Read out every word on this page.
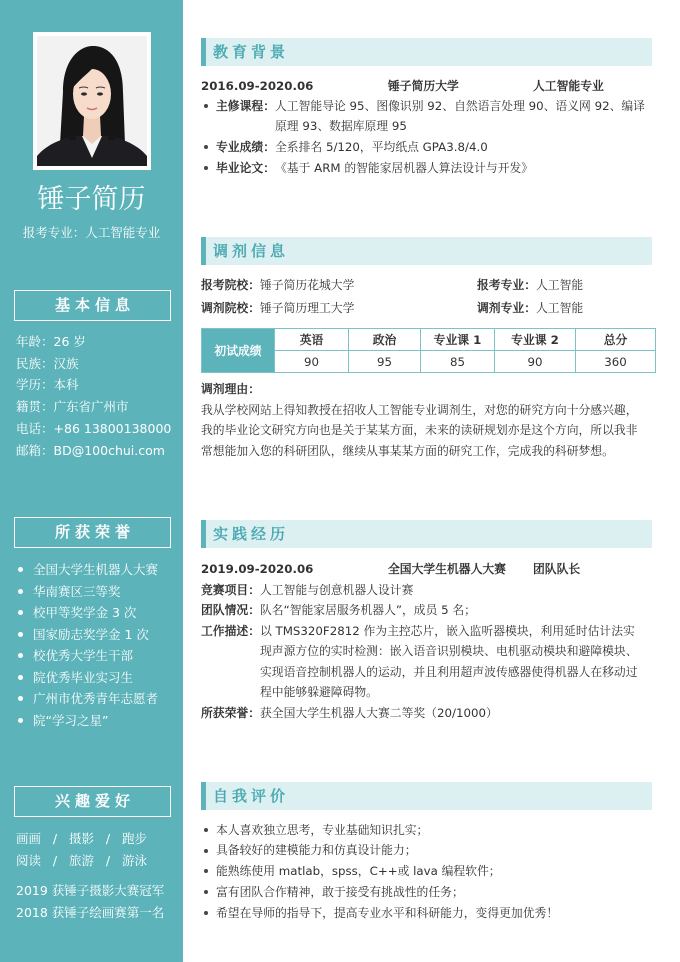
锤子简历
报考专业：人工智能专业
基本信息
年龄：26 岁
民族：汉族
学历：本科
籍贯：广东省广州市
电话：+86 13800138000
邮箱：BD@100chui.com
所获荣誉
全国大学生机器人大赛
华南赛区三等奖
校甲等奖学金 3 次
国家励志奖学金 1 次
校优秀大学生干部
院优秀毕业实习生
广州市优秀青年志愿者
院“学习之星”
兴趣爱好
画画 / 摄影 / 跑步
阅读 / 旅游 / 游泳
2019 获锤子摄影大赛冠军
2018 获锤子绘画赛第一名
教育背景
2016.09-2020.06	锤子简历大学	人工智能专业
主修课程： 人工智能导论 95、图像识别 92、自然语言处理 90、语义网 92、编译
原理 93、数据库原理 95
专业成绩： 全系排名 5/120，平均纸点 GPA3.8/4.0
毕业论文： 《基于 ARM 的智能家居机器人算法设计与开发》
调剂信息
报考院校：锤子简历花城大学	报考专业：人工智能
调剂院校：锤子简历理工大学	调剂专业：人工智能
初试成绩	英语	政治	专业课 1	专业课 2	总分
	90	95	85	90	360
调剂理由：
我从学校网站上得知教授在招收人工智能专业调剂生，对您的研究方向十分感兴趣，
我的毕业论文研究方向也是关于某某方面，未来的读研规划亦是这个方向，所以我非
常想能加入您的科研团队，继续从事某某方面的研究工作，完成我的科研梦想。
实践经历
2019.09-2020.06	全国大学生机器人大赛 团队队长
竞赛项目： 人工智能与创意机器人设计赛
团队情况： 队名“智能家居服务机器人”，成员 5 名；
工作描述： 以 TMS320F2812 作为主控芯片，嵌入监听器模块，利用延时估计法实
现声源方位的实时检测：嵌入语音识别模块、电机驱动模块和避障模块、
实现语音控制机器人的运动，并且利用超声波传感器使得机器人在移动过
程中能够躲避障碍物。
所获荣誉： 获全国大学生机器人大赛二等奖（20/1000）
自我评价
本人喜欢独立思考，专业基础知识扎实；
具备较好的建模能力和仿真设计能力；
能熟练使用 matlab，spss，C++或 lava 编程软件；
富有团队合作精神，敢于接受有挑战性的任务；
希望在导师的指导下，提高专业水平和科研能力，变得更加优秀！
